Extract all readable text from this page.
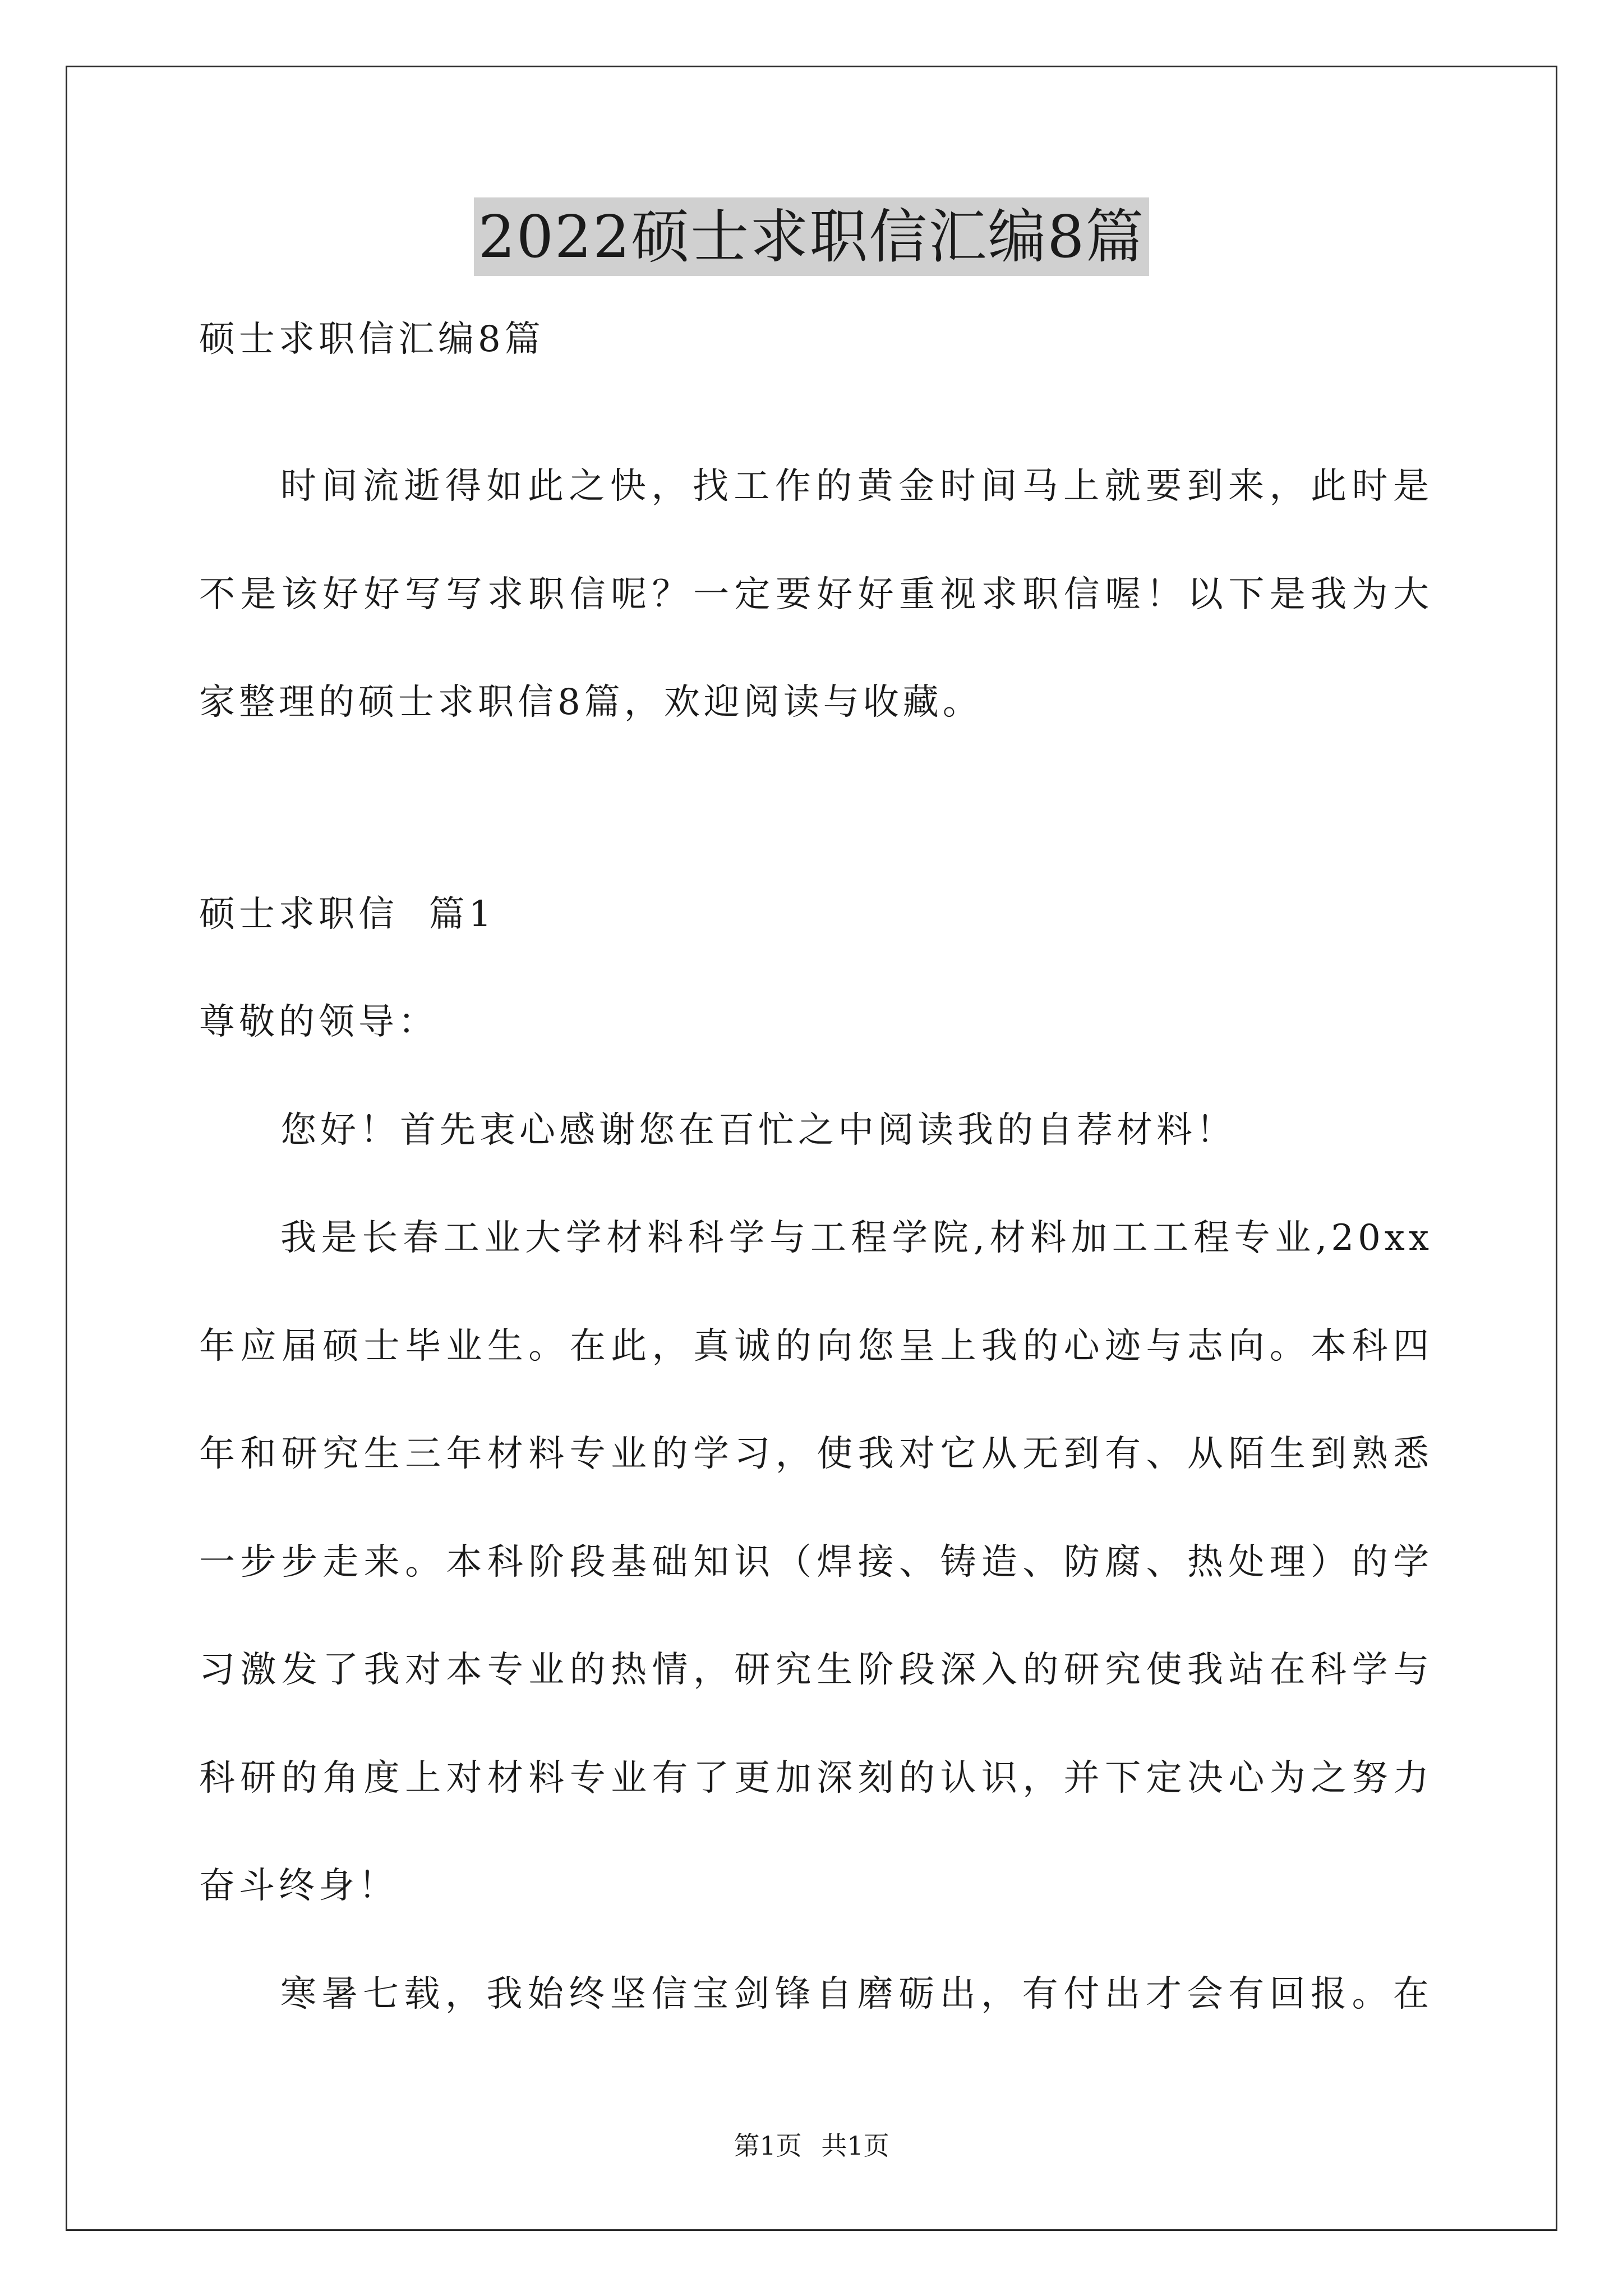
2022硕士求职信汇编8篇
硕士求职信汇编8篇
时间流逝得如此之快，找工作的黄金时间马上就要到来，此时是
不是该好好写写求职信呢？一定要好好重视求职信喔！以下是我为大
家整理的硕士求职信8篇，欢迎阅读与收藏。
硕士求职信  篇1
尊敬的领导：
您好！首先衷心感谢您在百忙之中阅读我的自荐材料！
我是长春工业大学材料科学与工程学院,材料加工工程专业,20xx
年应届硕士毕业生。在此，真诚的向您呈上我的心迹与志向。本科四
年和研究生三年材料专业的学习，使我对它从无到有、从陌生到熟悉
一步步走来。本科阶段基础知识（焊接、铸造、防腐、热处理）的学
习激发了我对本专业的热情，研究生阶段深入的研究使我站在科学与
科研的角度上对材料专业有了更加深刻的认识，并下定决心为之努力
奋斗终身！
寒暑七载，我始终坚信宝剑锋自磨砺出，有付出才会有回报。在
第1页 共1页
